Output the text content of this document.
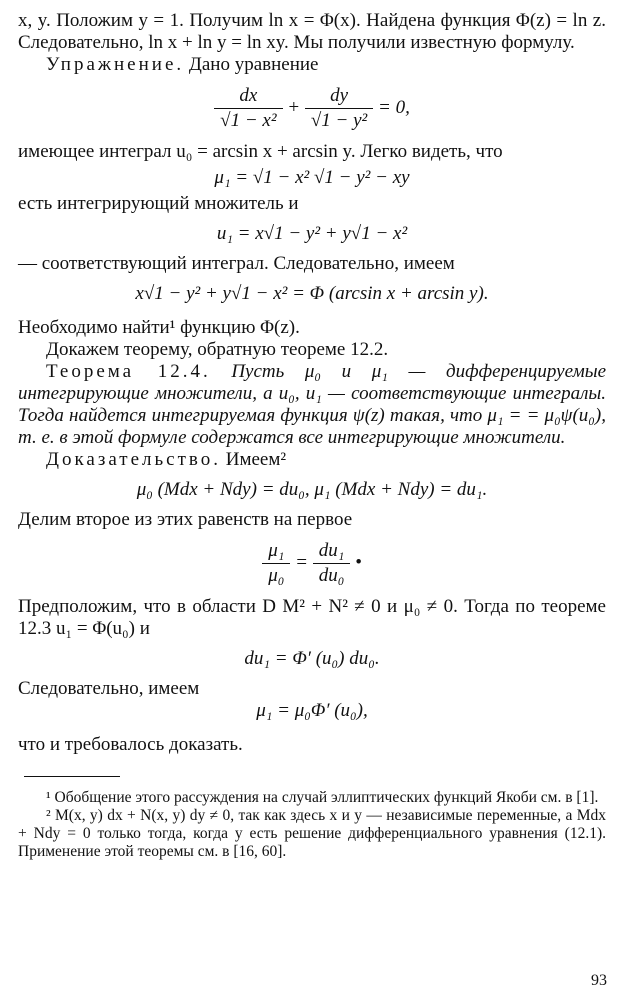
x, y. Положим y = 1. Получим ln x = Φ(x). Найдена функция Φ(z) = ln z. Следовательно, ln x + ln y = ln xy. Мы получили известную формулу.

Упражнение. Дано уравнение

$\frac{dx}{\text{√1 − x²}} + \frac{dy}{\text{√1 − y²}} = 0$,

имеющее интеграл u₀ = arcsin x + arcsin y. Легко видеть, что

μ₁ = √1 − x² √1 − y² − xy

есть интегрирующий множитель и

u₁ = x√1 − y² + y√1 − x²

— соответствующий интеграл. Следовательно, имеем

x√1 − y² + y√1 − x² = Φ (arcsin x + arcsin y).

Необходимо найти¹ функцию Φ(z).

Докажем теорему, обратную теореме 12.2.

Теорема 12.4. Пусть μ₀ и μ₁ — дифференцируемые интегрирующие множители, а u₀, u₁ — соответствующие интегралы. Тогда найдется интегрируемая функция ψ(z) такая, что μ₁ = = μ₀ψ(u₀), т. е. в этой формуле содержатся все интегрирующие множители.

Доказательство. Имеем²

μ₀ (Mdx + Ndy) = du₀, μ₁ (Mdx + Ndy) = du₁.

Делим второе из этих равенств на первое

$\frac{\text{μ₁}}{\text{μ₀}} = \frac{\text{du₁}}{\text{du₀}}$ •

Предположим, что в области D M² + N² ≠ 0 и μ₀ ≠ 0. Тогда по теореме 12.3 u₁ = Φ(u₀) и

du₁ = Φ′ (u₀) du₀.

Следовательно, имеем

μ₁ = μ₀Φ′ (u₀),

что и требовалось доказать.

¹ Обобщение этого рассуждения на случай эллиптических функций Якоби см. в [1].

² M(x, y) dx + N(x, y) dy ≠ 0, так как здесь x и y — независимые переменные, а Mdx + Ndy = 0 только тогда, когда y есть решение дифференциального уравнения (12.1). Применение этой теоремы см. в [16, 60].

93
